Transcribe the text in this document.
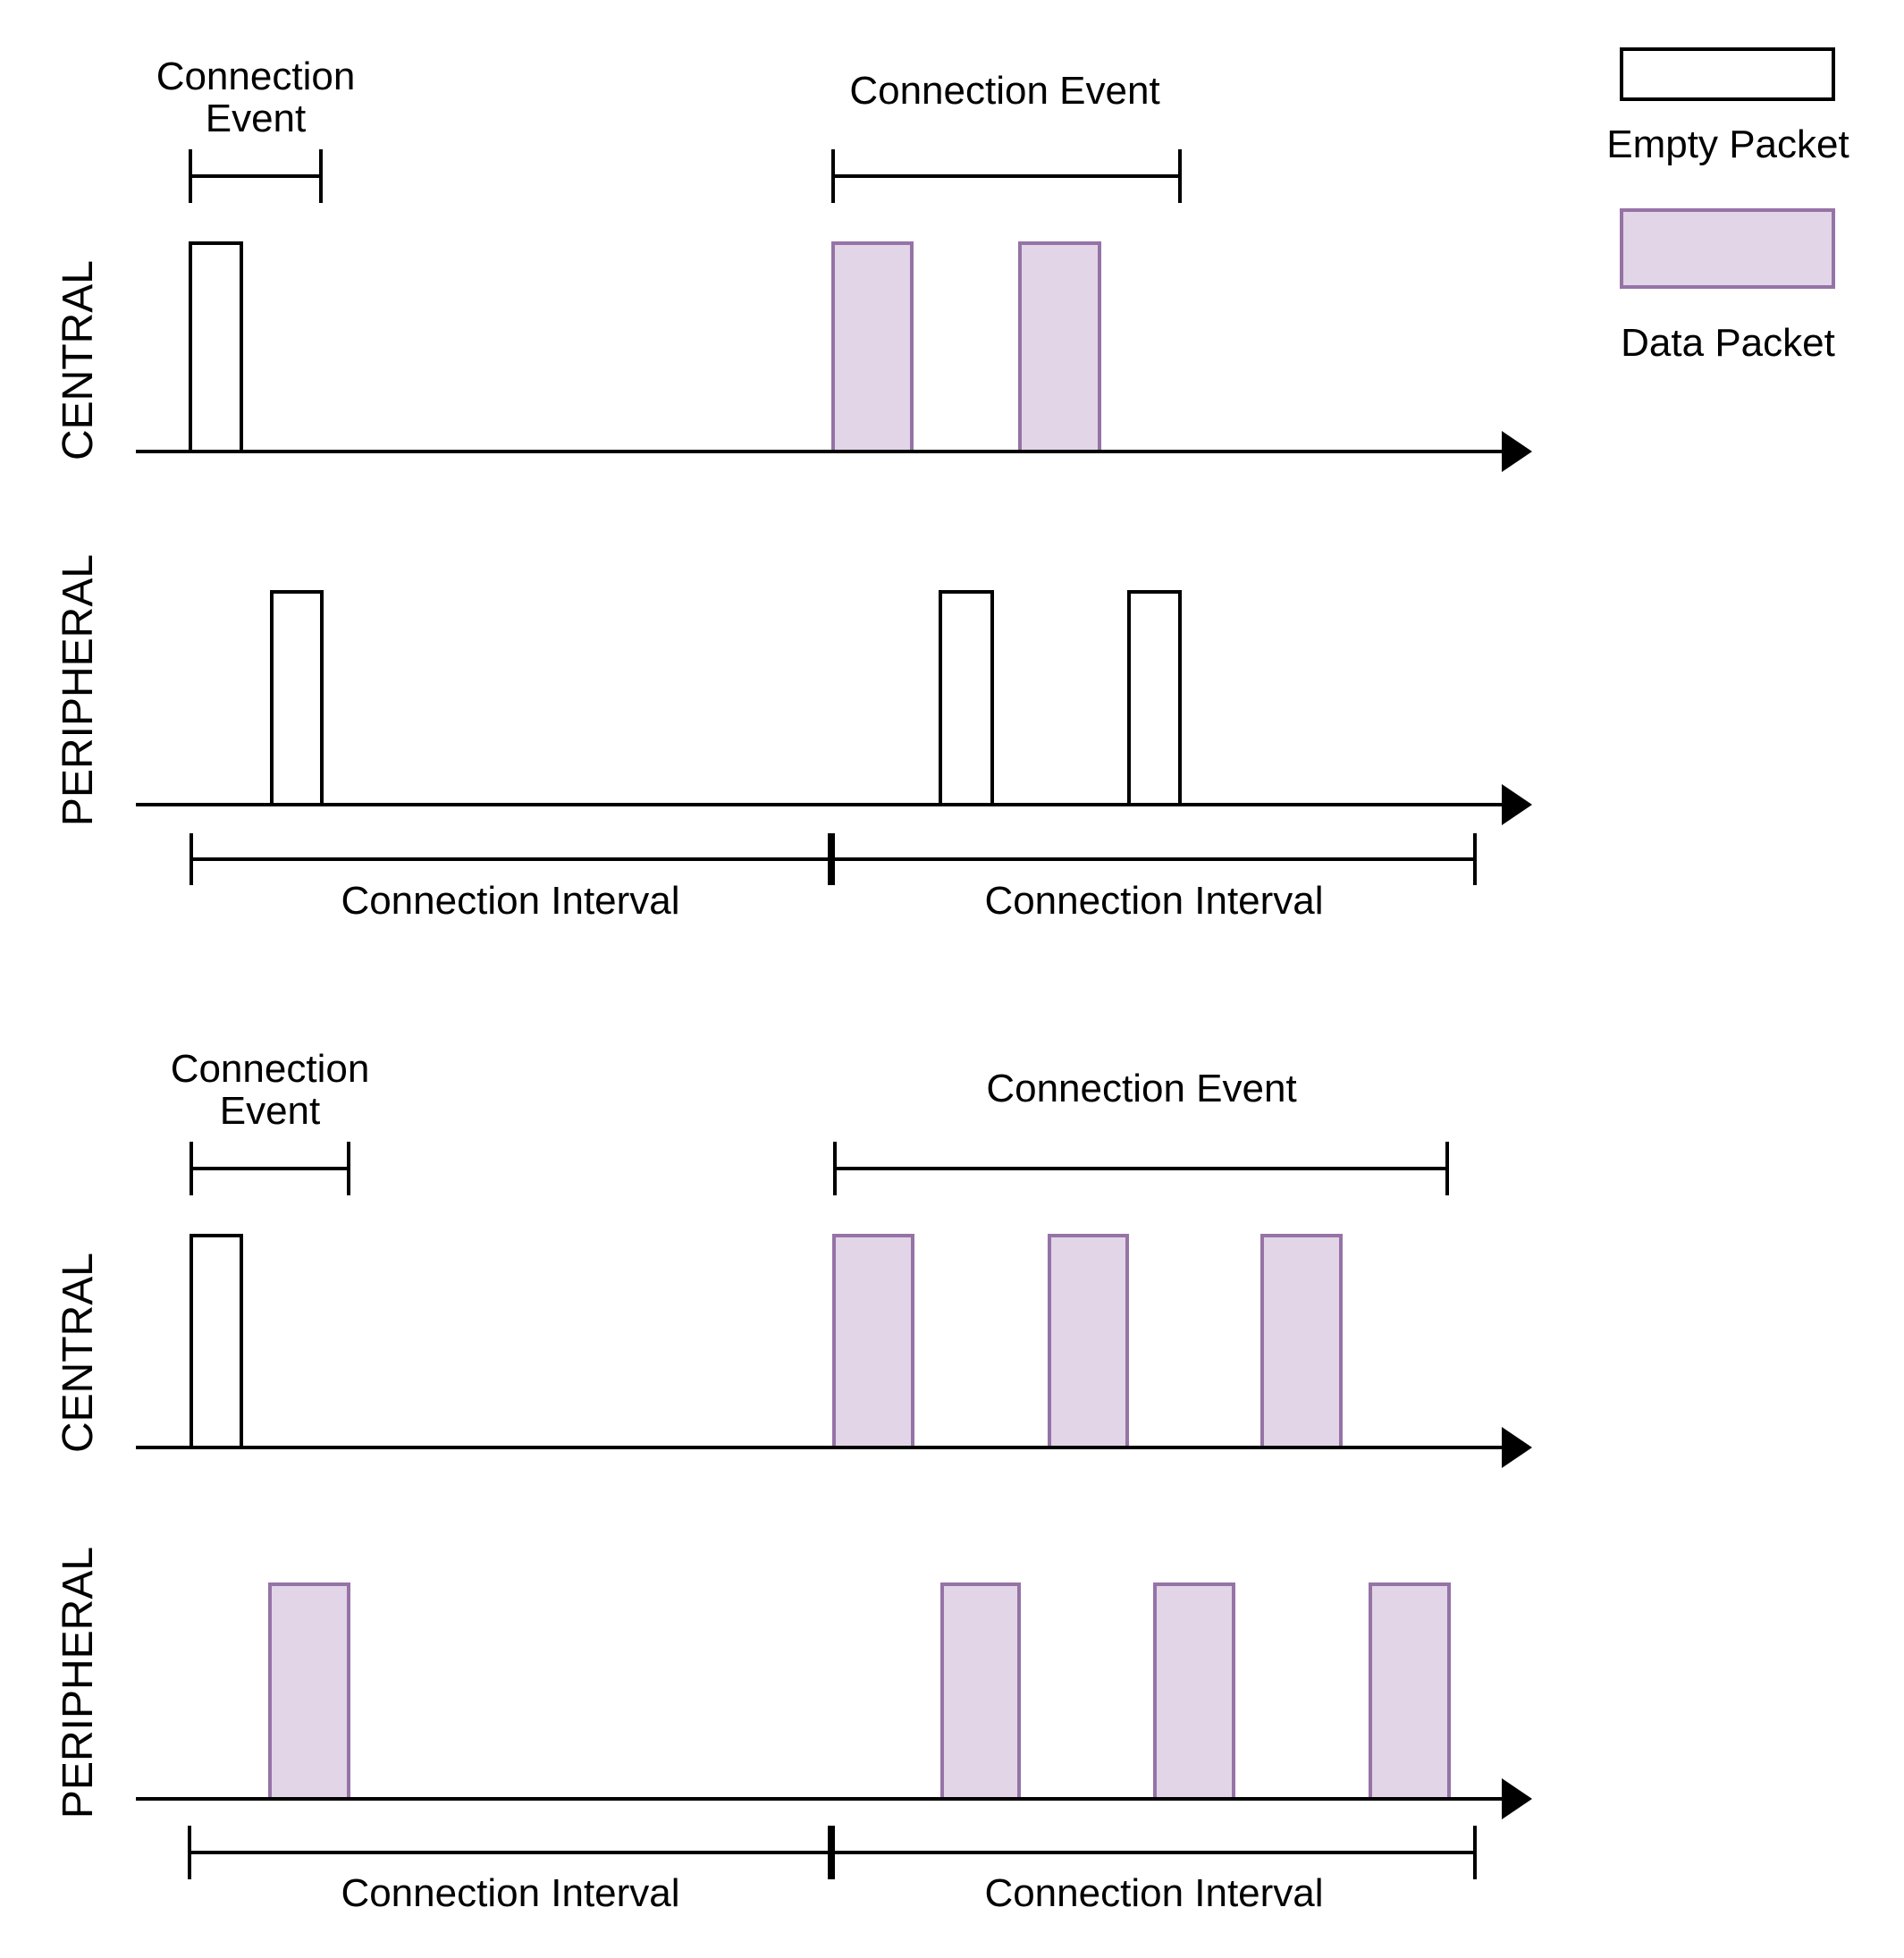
Empty Packet
Data Packet
Connection
Event
Connection Event
CENTRAL
PERIPHERAL
Connection Interval	Connection Interval
Connection
Event
Connection Event
CENTRAL
PERIPHERAL
Connection Interval	Connection Interval
